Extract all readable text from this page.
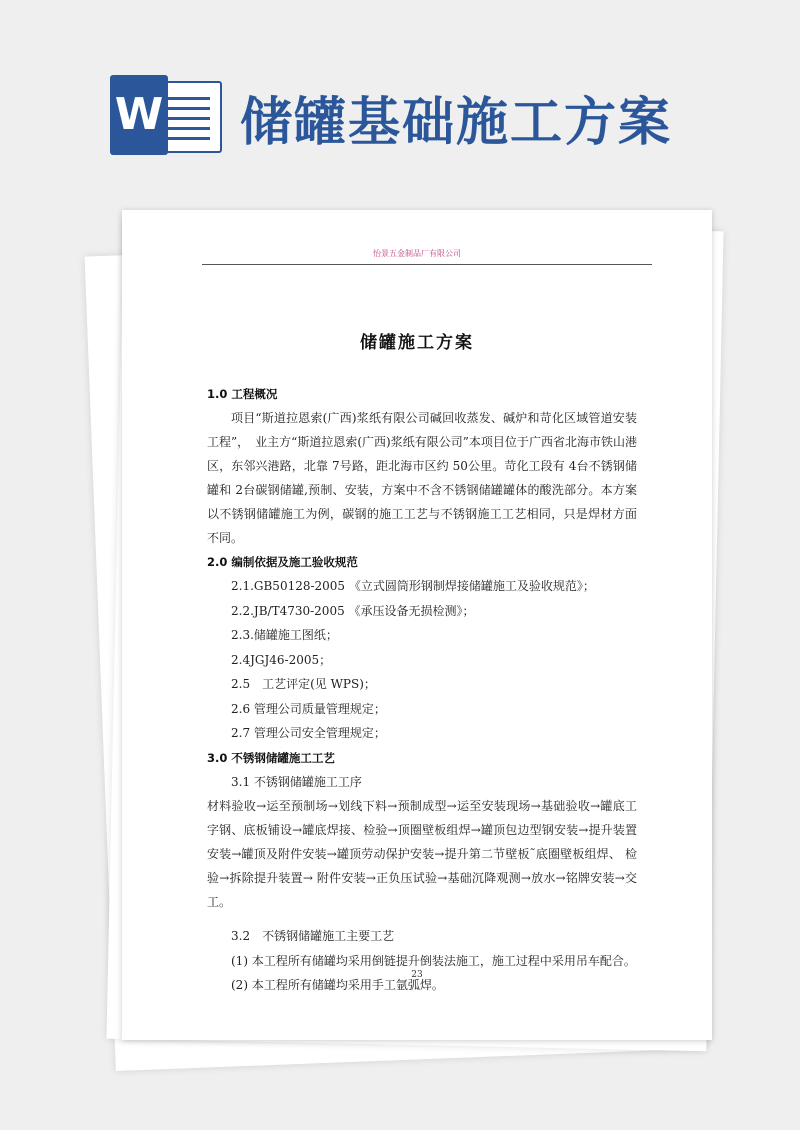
W 储罐基础施工方案
怡景五金制品厂有限公司
储罐施工方案

1.0 工程概况

项目“斯道拉恩索(广西)浆纸有限公司碱回收蒸发、碱炉和苛化区域管道安装工程”，　业主方“斯道拉恩索(广西)浆纸有限公司”本项目位于广西省北海市铁山港区，东邻兴港路，北靠 7号路，距北海市区约 50公里。苛化工段有 4台不锈钢储罐和 2台碳钢储罐,预制、安装，方案中不含不锈钢储罐罐体的酸洗部分。本方案以不锈钢储罐施工为例，碳钢的施工工艺与不锈钢施工工艺相同，只是焊材方面不同。

2.0 编制依据及施工验收规范

2.1.GB50128-2005 《立式圆筒形钢制焊接储罐施工及验收规范》；

2.2.JB/T4730-2005 《承压设备无损检测》；

2.3.储罐施工图纸；

2.4JGJ46-2005；

2.5　工艺评定(见 WPS)；

2.6 管理公司质量管理规定；

2.7 管理公司安全管理规定；

3.0 不锈钢储罐施工工艺

3.1 不锈钢储罐施工工序

材料验收→运至预制场→划线下料→预制成型→运至安装现场→基础验收→罐底工字钢、底板铺设→罐底焊接、检验→顶圈壁板组焊→罐顶包边型钢安装→提升装置安装→罐顶及附件安装→罐顶劳动保护安装→提升第二节壁板˜底圈壁板组焊、 检验→拆除提升装置→ 附件安装→正负压试验→基础沉降观测→放水→铭牌安装→交工。

3.2　不锈钢储罐施工主要工艺

(1) 本工程所有储罐均采用倒链提升倒装法施工，施工过程中采用吊车配合。

(2) 本工程所有储罐均采用手工氩弧焊。

23
